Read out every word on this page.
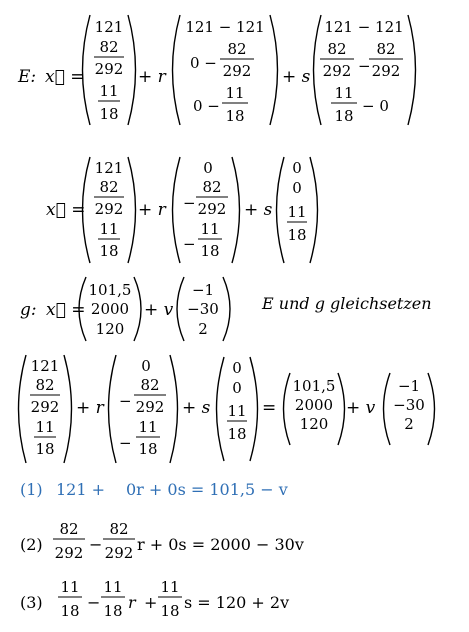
E: x⃗ =
121
82
292
11
18
+ r
121 − 121
0 −
82
292
0 −
11
18
+ s
121 − 121
82
292 −
82
292
11
18
− 0
x⃗ =
121
82
292
11
18
+ r
0
−
82
292
−
11
18
+ s
0
0
11
18
g: x⃗ =
101,5
2000
120
+ v
−1
−30
2
E und g gleichsetzen
121
82
292
11
18
+ r
0
−
82
292
−
11
18
+ s
0
0
11
18
=
101,5
2000
120
+ v
−1
−30
2
(1) 121 + 0r + 0s = 101,5 − v
(2)
82
292 −
82
292 r + 0s = 2000 − 30v
(3)
11
18 −
11
18 r +
11
18 s = 120 + 2v
